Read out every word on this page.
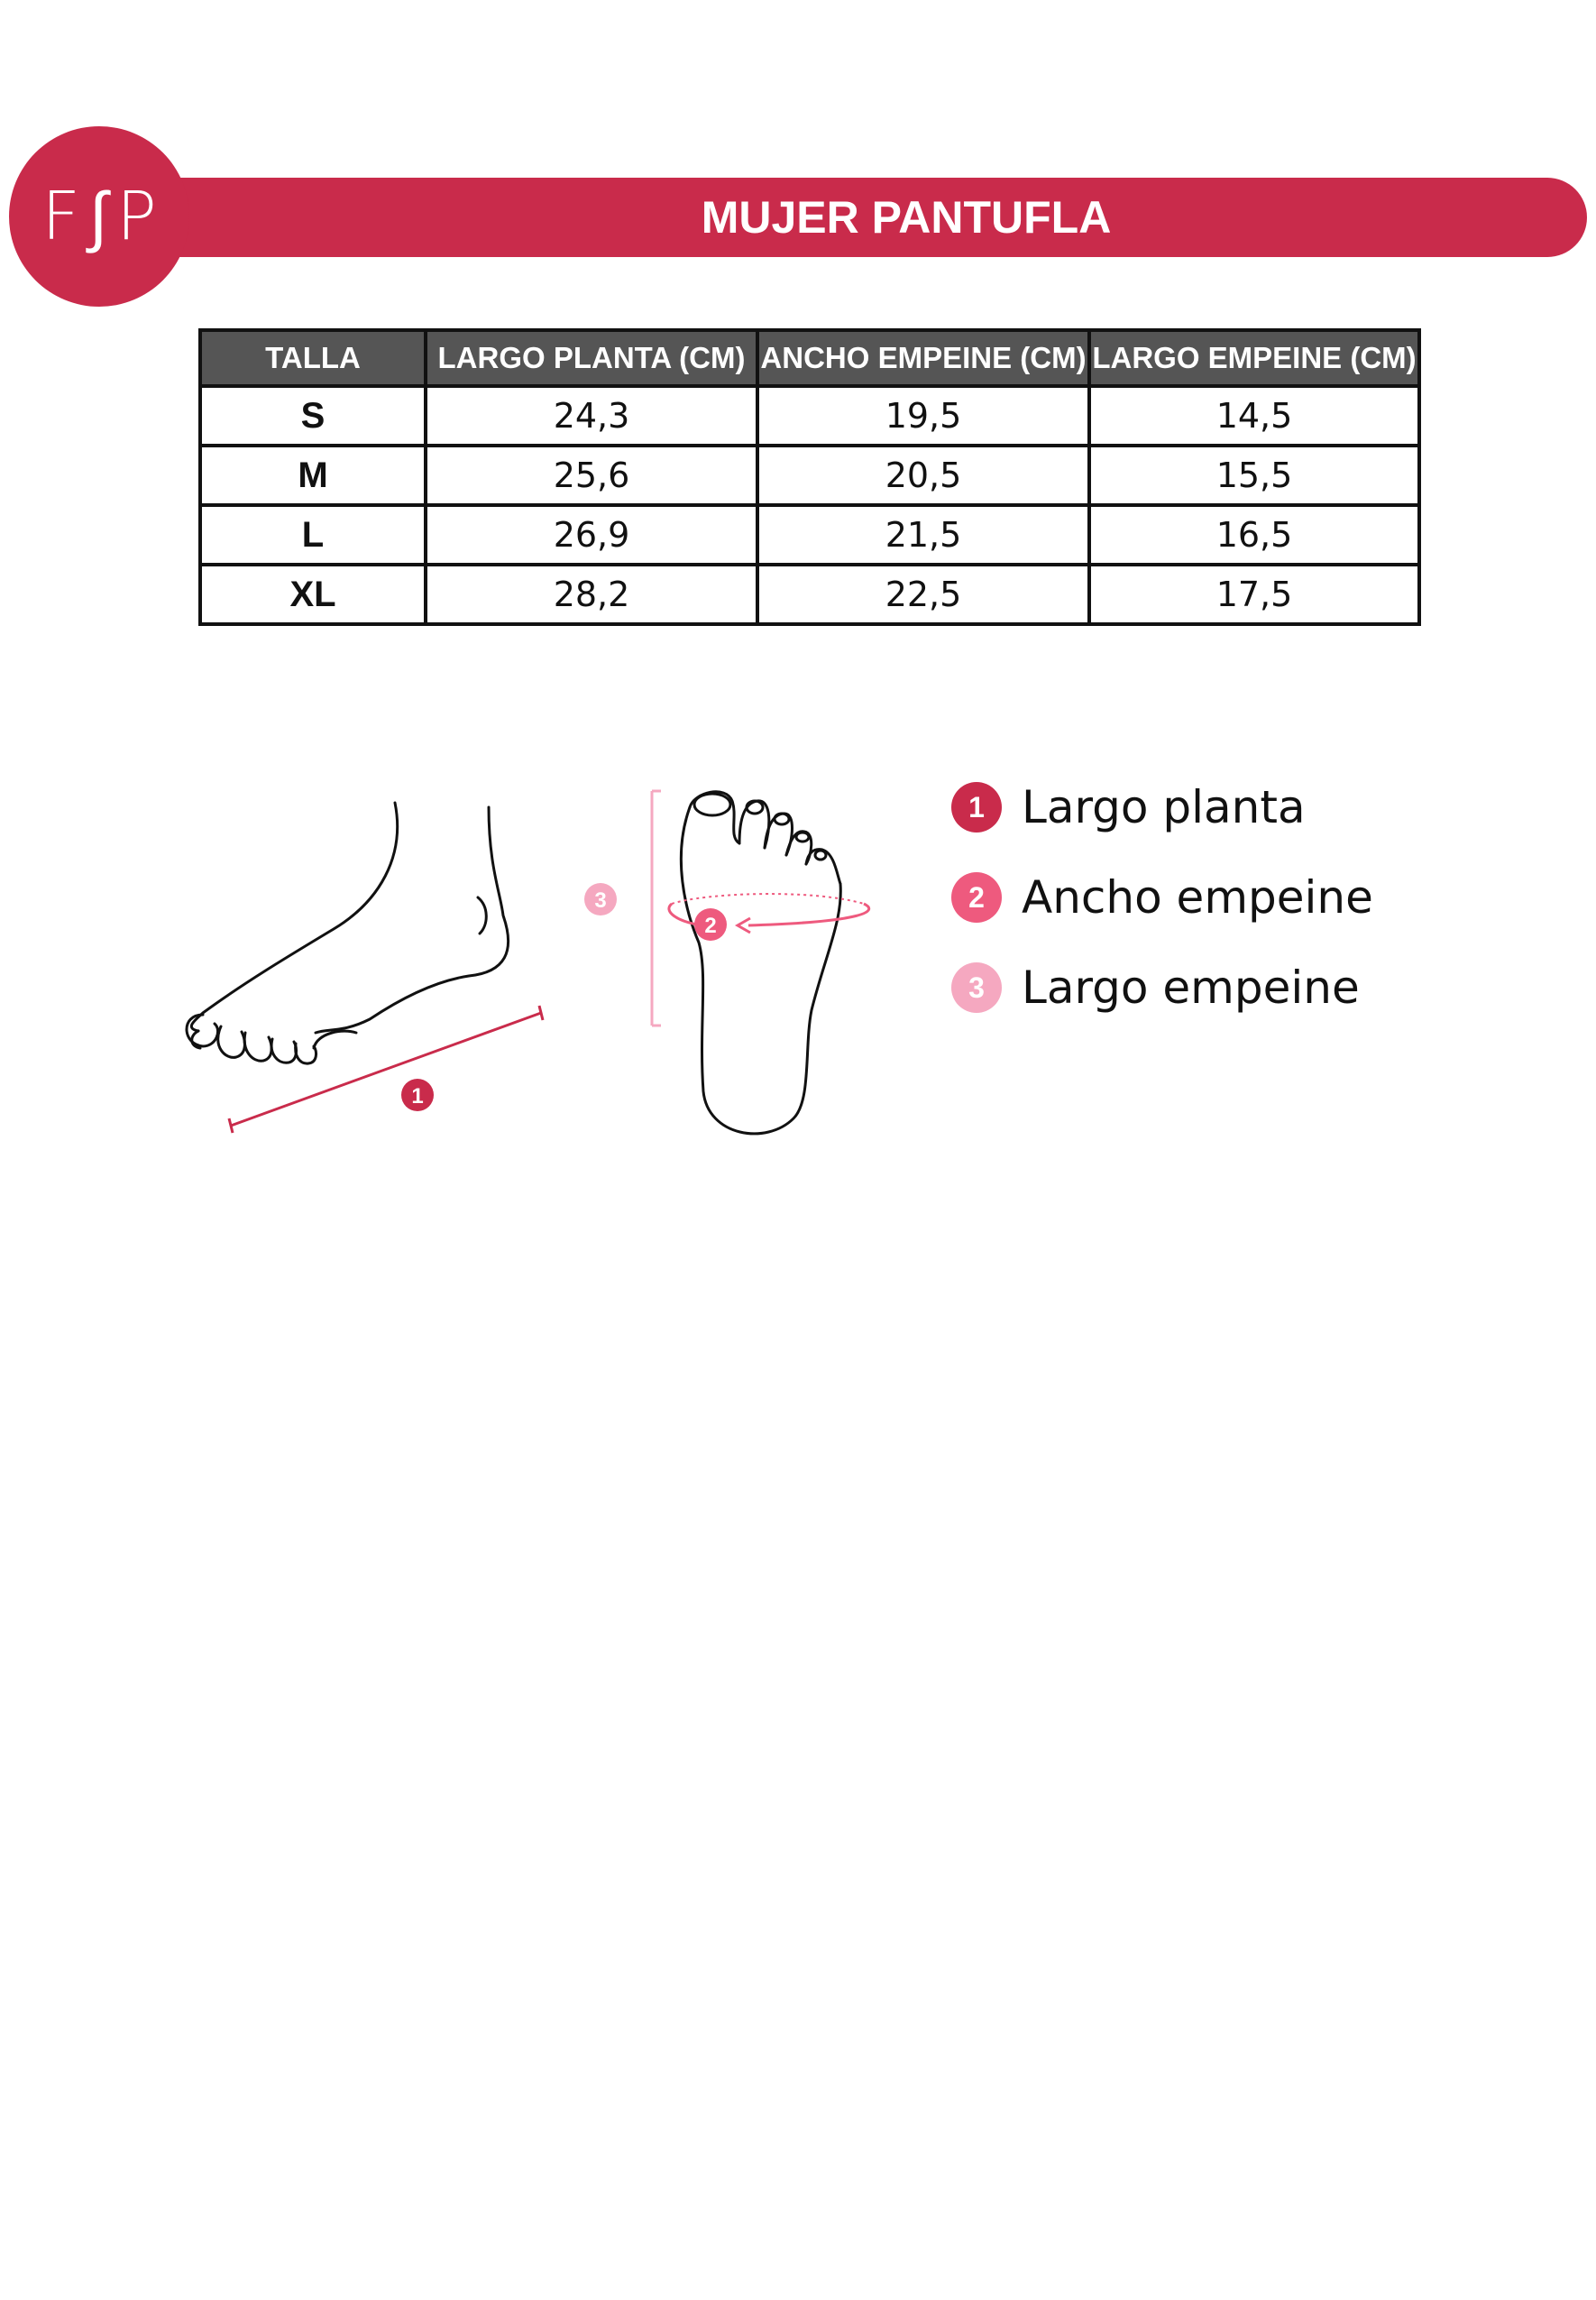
MUJER PANTUFLA
F∫P
TALLA	LARGO PLANTA (CM)	ANCHO EMPEINE (CM)	LARGO EMPEINE (CM)
S	24,3	19,5	14,5
M	25,6	20,5	15,5
L	26,9	21,5	16,5
XL	28,2	22,5	17,5
1
3
2
1 Largo planta
2 Ancho empeine
3 Largo empeine
